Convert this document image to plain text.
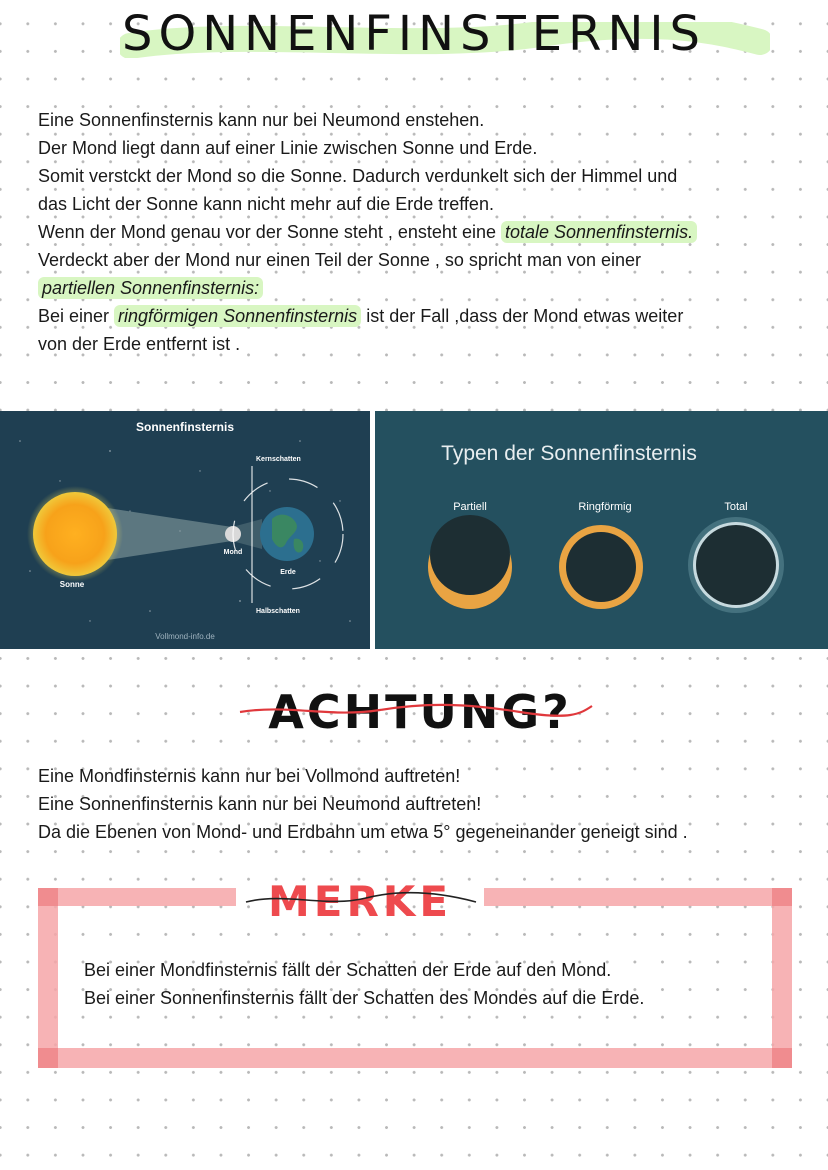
SONNENFINSTERNIS
Eine Sonnenfinsternis kann nur bei Neumond enstehen.
Der Mond liegt dann auf einer Linie zwischen Sonne und Erde.
Somit verstckt der Mond so die Sonne. Dadurch verdunkelt sich der Himmel und
das Licht der Sonne kann nicht mehr auf die Erde treffen.
Wenn der Mond genau vor der Sonne steht , ensteht eine totale Sonnenfinsternis.
Verdeckt aber der Mond nur einen Teil der Sonne , so spricht man von einer
partiellen Sonnenfinsternis:
Bei einer ringförmigen Sonnenfinsternis ist der Fall ,dass der Mond etwas weiter
von der Erde entfernt ist .
Sonnenfinsternis
Sonne
Mond
Kernschatten
Halbschatten
Erde
Vollmond-info.de
Typen der Sonnenfinsternis
Partiell	Ringförmig	Total
ACHTUNG?
Eine Mondfinsternis kann nur bei Vollmond auftreten!
Eine Sonnenfinsternis kann nur bei Neumond auftreten!
Da die Ebenen von Mond- und Erdbahn um etwa 5° gegeneinander geneigt sind .
MERKE
Bei einer Mondfinsternis fällt der Schatten der Erde auf den Mond.
Bei einer Sonnenfinsternis fällt der Schatten des Mondes auf die Erde.
